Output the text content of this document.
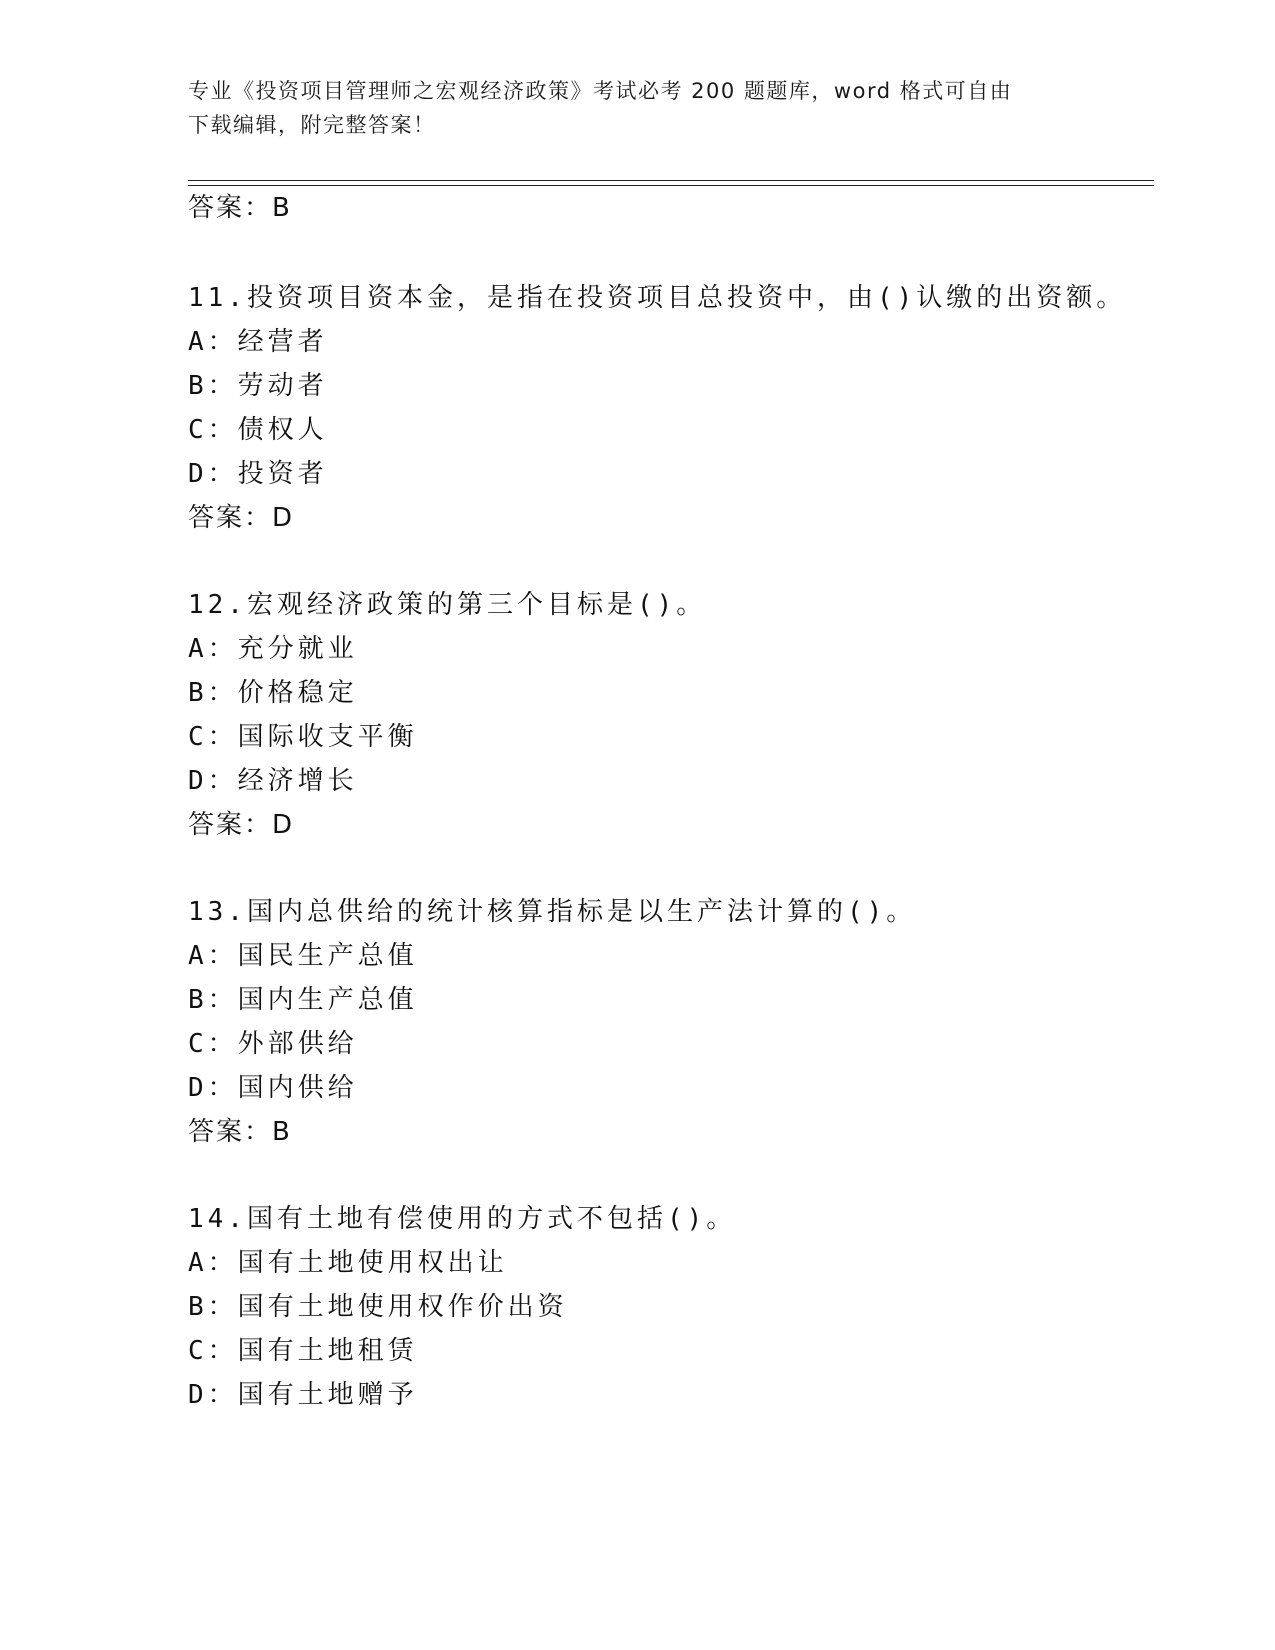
专业《投资项目管理师之宏观经济政策》考试必考 200 题题库，word 格式可自由
下载编辑，附完整答案！
答案：B
11.投资项目资本金，是指在投资项目总投资中，由()认缴的出资额。
A：经营者
B：劳动者
C：债权人
D：投资者
答案：D
12.宏观经济政策的第三个目标是()。
A：充分就业
B：价格稳定
C：国际收支平衡
D：经济增长
答案：D
13.国内总供给的统计核算指标是以生产法计算的()。
A：国民生产总值
B：国内生产总值
C：外部供给
D：国内供给
答案：B
14.国有土地有偿使用的方式不包括()。
A：国有土地使用权出让
B：国有土地使用权作价出资
C：国有土地租赁
D：国有土地赠予
